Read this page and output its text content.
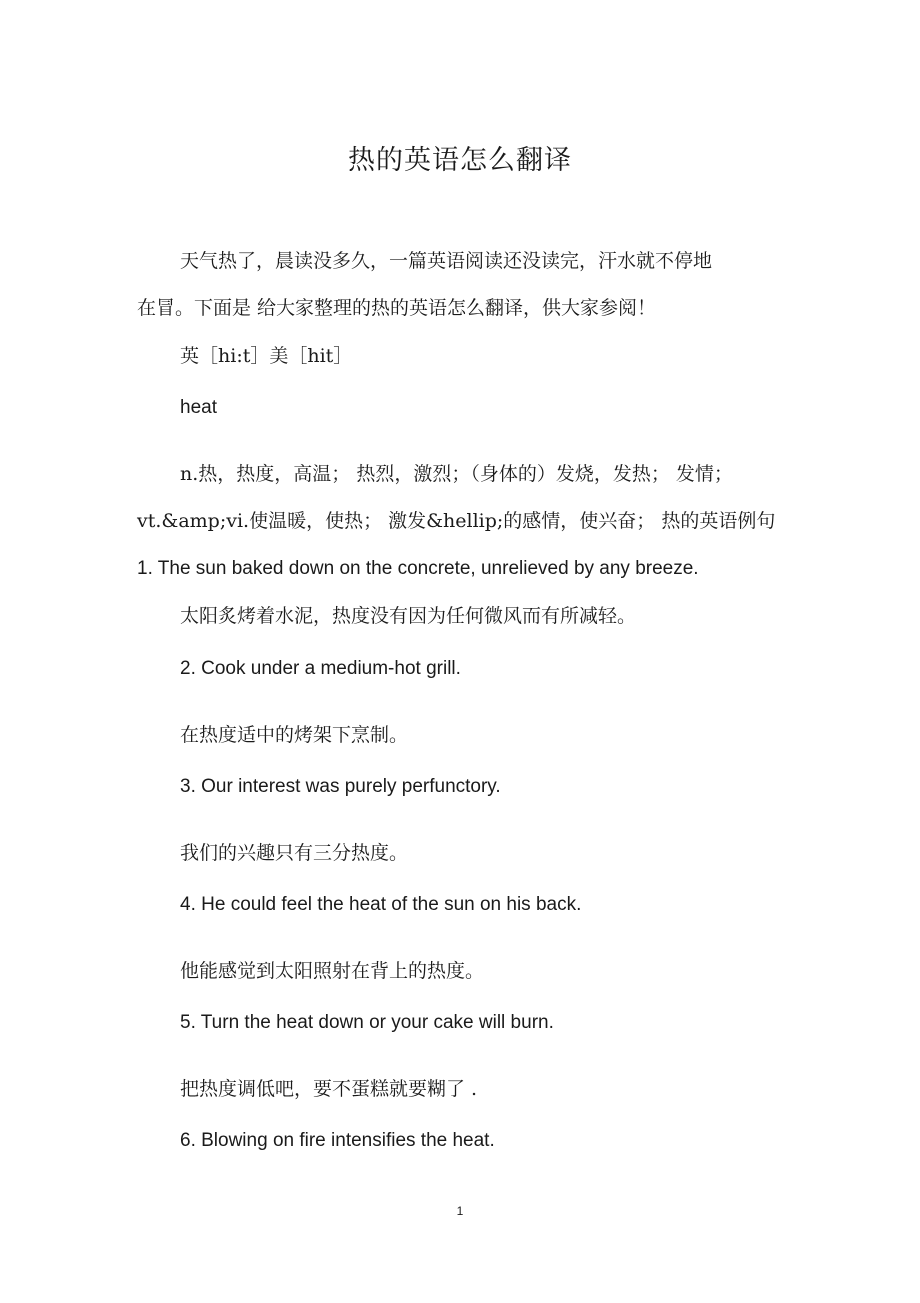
热的英语怎么翻译
天气热了，晨读没多久，一篇英语阅读还没读完，汗水就不停地
在冒。下面是 给大家整理的热的英语怎么翻译，供大家参阅！
英［hi:t］美［hit］
heat
n.热，热度，高温； 热烈，激烈；（身体的）发烧，发热； 发情；
vt.&amp;vi.使温暖，使热； 激发&hellip;的感情，使兴奋； 热的英语例句
1. The sun baked down on the concrete, unrelieved by any breeze.
太阳炙烤着水泥，热度没有因为任何微风而有所减轻。
2. Cook under a medium-hot grill.
在热度适中的烤架下烹制。
3. Our interest was purely perfunctory.
我们的兴趣只有三分热度。
4. He could feel the heat of the sun on his back.
他能感觉到太阳照射在背上的热度。
5. Turn the heat down or your cake will burn.
把热度调低吧，要不蛋糕就要糊了 .
6. Blowing on fire intensifies the heat.
1
